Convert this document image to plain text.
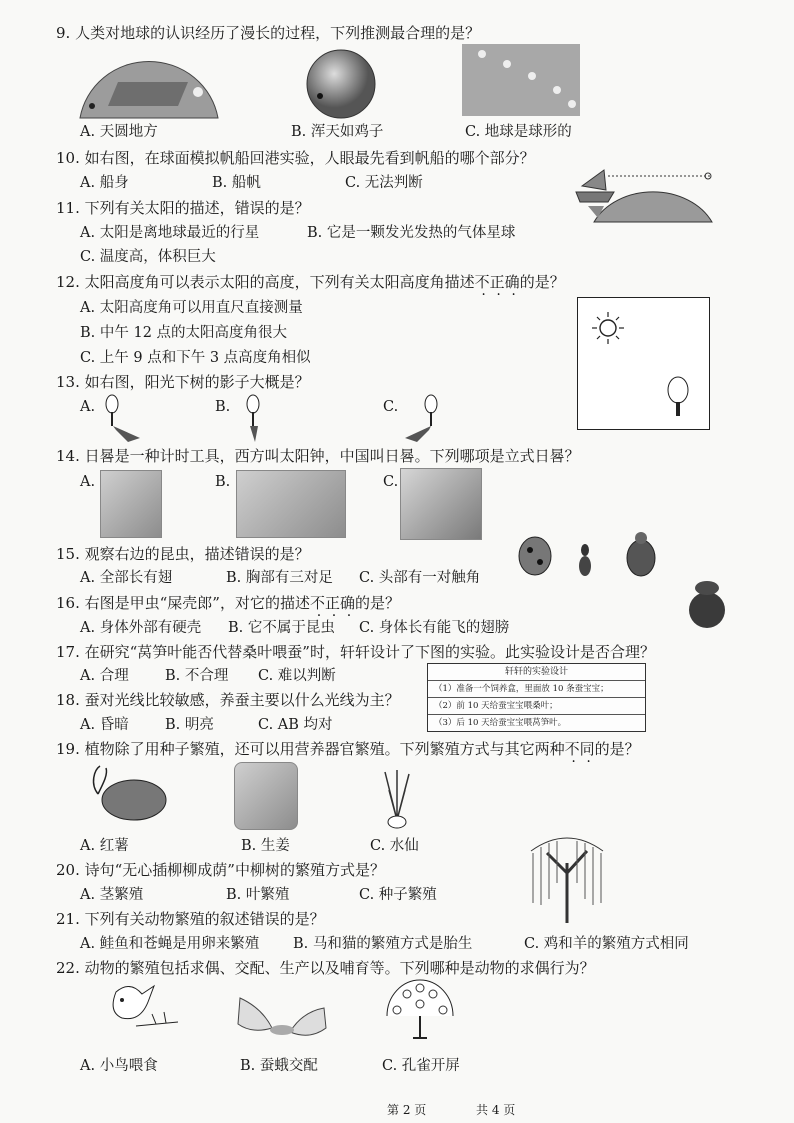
9. 人类对地球的认识经历了漫长的过程，下列推测最合理的是？
A. 天圆地方	B. 浑天如鸡子	C. 地球是球形的
10. 如右图，在球面模拟帆船回港实验，人眼最先看到帆船的哪个部分？
A. 船身	B. 船帆	C. 无法判断
11. 下列有关太阳的描述，错误的是？
A. 太阳是离地球最近的行星	B. 它是一颗发光发热的气体星球
C. 温度高，体积巨大
12. 太阳高度角可以表示太阳的高度，下列有关太阳高度角描述不正确的是？
A. 太阳高度角可以用直尺直接测量
B. 中午 12 点的太阳高度角很大
C. 上午 9 点和下午 3 点高度角相似
13. 如右图，阳光下树的影子大概是？
A.	B.	C.
14. 日晷是一种计时工具，西方叫太阳钟，中国叫日晷。下列哪项是立式日晷？
A.	B.	C.
15. 观察右边的昆虫，描述错误的是？
A. 全部长有翅	B. 胸部有三对足 C. 头部有一对触角
16. 右图是甲虫“屎壳郎”，对它的描述不正确的是？
A. 身体外部有硬壳 B. 它不属于昆虫 C. 身体长有能飞的翅膀
17. 在研究“莴笋叶能否代替桑叶喂蚕”时，轩轩设计了下图的实验。此实验设计是否合理？
A. 合理	B. 不合理 C. 难以判断	轩轩的实验设计
（1）准备一个饲养盒，里面放 10 条蚕宝宝；
（2）前 10 天给蚕宝宝喂桑叶；
（3）后 10 天给蚕宝宝喂莴笋叶。
18. 蚕对光线比较敏感，养蚕主要以什么光线为主？
A. 昏暗	B. 明亮	C. AB 均对
19. 植物除了用种子繁殖，还可以用营养器官繁殖。下列繁殖方式与其它两种不同的是？
A. 红薯	B. 生姜	C. 水仙
20. 诗句“无心插柳柳成荫”中柳树的繁殖方式是？
A. 茎繁殖	B. 叶繁殖	C. 种子繁殖
21. 下列有关动物繁殖的叙述错误的是？
A. 鲑鱼和苍蝇是用卵来繁殖 B. 马和猫的繁殖方式是胎生	C. 鸡和羊的繁殖方式相同
22. 动物的繁殖包括求偶、交配、生产以及哺育等。下列哪种是动物的求偶行为？
A. 小鸟喂食	B. 蚕蛾交配	C. 孔雀开屏
第 2 页	共 4 页
